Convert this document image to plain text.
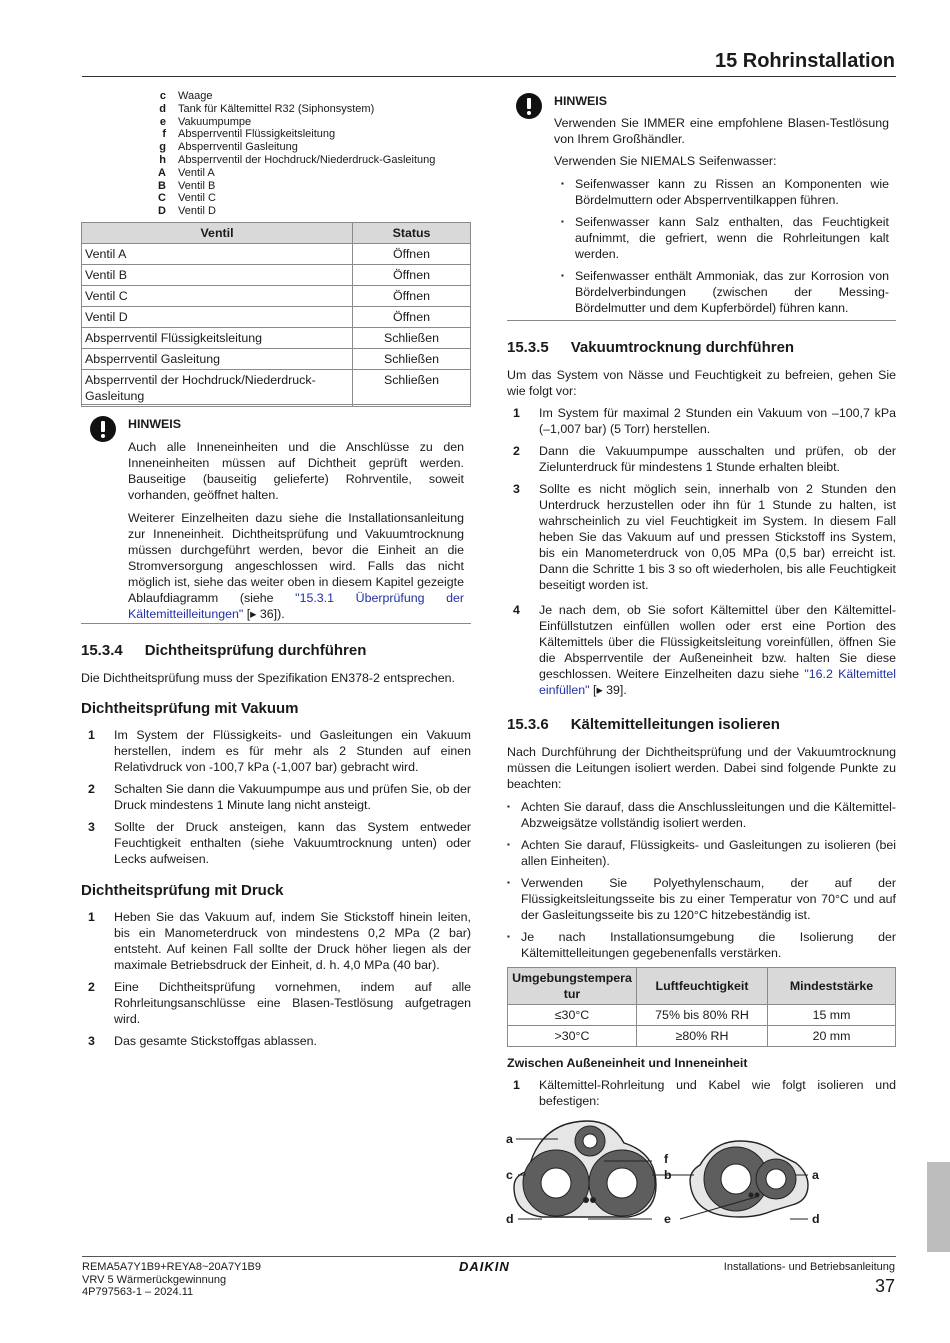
15 Rohrinstallation
c Waage
d Tank für Kältemittel R32 (Siphonsystem)
e Vakuumpumpe
f Absperrventil Flüssigkeitsleitung
g Absperrventil Gasleitung
h Absperrventil der Hochdruck/Niederdruck-Gasleitung
A Ventil A
B Ventil B
C Ventil C
D Ventil D
Ventil	Status
Ventil A	Öffnen
Ventil B	Öffnen
Ventil C	Öffnen
Ventil D	Öffnen
Absperrventil Flüssigkeitsleitung	Schließen
Absperrventil Gasleitung	Schließen
Absperrventil der Hochdruck/Niederdruck-Gasleitung	Schließen
HINWEIS
Auch alle Inneneinheiten und die Anschlüsse zu den Inneneinheiten müssen auf Dichtheit geprüft werden. Bauseitige (bauseitig gelieferte) Rohrventile, soweit vorhanden, geöffnet halten.
Weiterer Einzelheiten dazu siehe die Installationsanleitung zur Inneneinheit. Dichtheitsprüfung und Vakuumtrocknung müssen durchgeführt werden, bevor die Einheit an die Stromversorgung angeschlossen wird. Falls das nicht möglich ist, siehe das weiter oben in diesem Kapitel gezeigte Ablaufdiagramm (siehe "15.3.1 Überprüfung der Kältemitteilleitungen" [▸ 36]).
15.3.4 Dichtheitsprüfung durchführen
Die Dichtheitsprüfung muss der Spezifikation EN378-2 entsprechen.
Dichtheitsprüfung mit Vakuum
1	Im System der Flüssigkeits- und Gasleitungen ein Vakuum herstellen, indem es für mehr als 2 Stunden auf einen Relativdruck von -100,7 kPa (-1,007 bar) gebracht wird.
2	Schalten Sie dann die Vakuumpumpe aus und prüfen Sie, ob der Druck mindestens 1 Minute lang nicht ansteigt.
3	Sollte der Druck ansteigen, kann das System entweder Feuchtigkeit enthalten (siehe Vakuumtrocknung unten) oder Lecks aufweisen.
Dichtheitsprüfung mit Druck
1	Heben Sie das Vakuum auf, indem Sie Stickstoff hinein leiten, bis ein Manometerdruck von mindestens 0,2 MPa (2 bar) entsteht. Auf keinen Fall sollte der Druck höher liegen als der maximale Betriebsdruck der Einheit, d. h. 4,0 MPa (40 bar).
2	Eine Dichtheitsprüfung vornehmen, indem auf alle Rohrleitungsanschlüsse eine Blasen-Testlösung aufgetragen wird.
3	Das gesamte Stickstoffgas ablassen.
HINWEIS
Verwenden Sie IMMER eine empfohlene Blasen-Testlösung von Ihrem Großhändler.
Verwenden Sie NIEMALS Seifenwasser:
▪ Seifenwasser kann zu Rissen an Komponenten wie Bördelmuttern oder Absperrventilkappen führen.
▪ Seifenwasser kann Salz enthalten, das Feuchtigkeit aufnimmt, die gefriert, wenn die Rohrleitungen kalt werden.
▪ Seifenwasser enthält Ammoniak, das zur Korrosion von Bördelverbindungen (zwischen der Messing-Bördelmutter und dem Kupferbördel) führen kann.
15.3.5 Vakuumtrocknung durchführen
Um das System von Nässe und Feuchtigkeit zu befreien, gehen Sie wie folgt vor:
1	Im System für maximal 2 Stunden ein Vakuum von –100,7 kPa (–1,007 bar) (5 Torr) herstellen.
2	Dann die Vakuumpumpe ausschalten und prüfen, ob der Zielunterdruck für mindestens 1 Stunde erhalten bleibt.
3	Sollte es nicht möglich sein, innerhalb von 2 Stunden den Unterdruck herzustellen oder ihn für 1 Stunde zu halten, ist wahrscheinlich zu viel Feuchtigkeit im System. In diesem Fall heben Sie das Vakuum auf und pressen Stickstoff ins System, bis ein Manometerdruck von 0,05 MPa (0,5 bar) erreicht ist. Dann die Schritte 1 bis 3 so oft wiederholen, bis alle Feuchtigkeit beseitigt worden ist.
4	Je nach dem, ob Sie sofort Kältemittel über den Kältemittel-Einfüllstutzen einfüllen wollen oder erst eine Portion des Kältemittels über die Flüssigkeitsleitung voreinfüllen, öffnen Sie die Absperrventile der Außeneinheit bzw. halten Sie diese geschlossen. Weitere Einzelheiten dazu siehe "16.2 Kältemittel einfüllen" [▸ 39].
15.3.6 Kältemittelleitungen isolieren
Nach Durchführung der Dichtheitsprüfung und der Vakuumtrocknung müssen die Leitungen isoliert werden. Dabei sind folgende Punkte zu beachten:
▪ Achten Sie darauf, dass die Anschlussleitungen und die Kältemittel-Abzweigsätze vollständig isoliert werden.
▪ Achten Sie darauf, Flüssigkeits- und Gasleitungen zu isolieren (bei allen Einheiten).
▪ Verwenden Sie Polyethylenschaum, der auf der Flüssigkeitsleitungsseite bis zu einer Temperatur von 70°C und auf der Gasleitungsseite bis zu 120°C hitzebeständig ist.
▪ Je nach Installationsumgebung die Isolierung der Kältemittelleitungen gegebenenfalls verstärken.
Umgebungstempera tur	Luftfeuchtigkeit	Mindeststärke
≤30°C	75% bis 80% RH	15 mm
>30°C	≥80% RH	20 mm
Zwischen Außeneinheit und Inneneinheit
1	Kältemittel-Rohrleitung und Kabel wie folgt isolieren und befestigen:
a
c
d
f
b
e
a
d
REMA5A7Y1B9+REYA8~20A7Y1B9
VRV 5 Wärmerückgewinnung
4P797563-1 – 2024.11
DAIKIN	Installations- und Betriebsanleitung
37
